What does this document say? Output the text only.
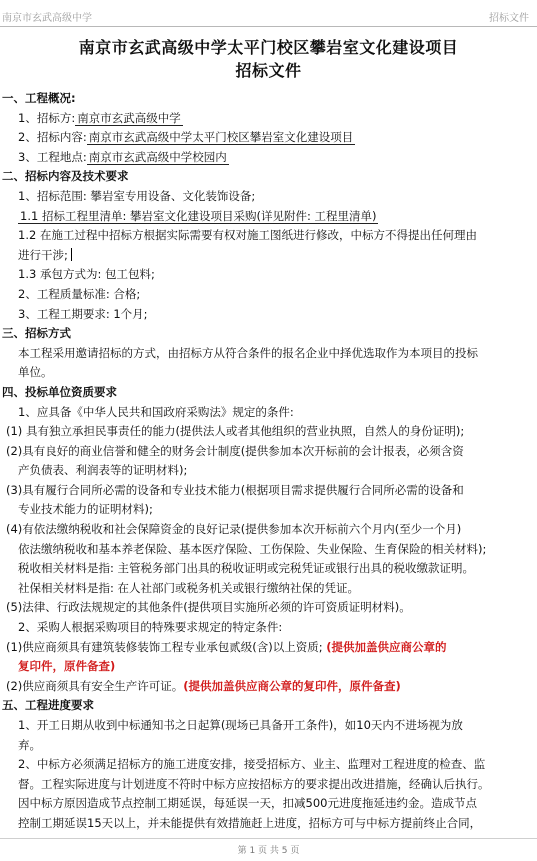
南京市玄武高级中学	招标文件
南京市玄武高级中学太平门校区攀岩室文化建设项目
招标文件
一、工程概况:
1、招标方: 南京市玄武高级中学
2、招标内容: 南京市玄武高级中学太平门校区攀岩室文化建设项目
3、工程地点: 南京市玄武高级中学校园内
二、招标内容及技术要求
1、招标范围: 攀岩室专用设备、文化装饰设备;
1.1 招标工程里清单: 攀岩室文化建设项目采购(详见附件: 工程里清单)
1.2 在施工过程中招标方根据实际需要有权对施工图纸进行修改，中标方不得提出任何理由
进行干涉;
1.3 承包方式为: 包工包料;
2、工程质量标准: 合格;
3、工程工期要求: 1个月;
三、招标方式
本工程采用邀请招标的方式，由招标方从符合条件的报名企业中择优选取作为本项目的投标
单位。
四、投标单位资质要求
1、应具备《中华人民共和国政府采购法》规定的条件:
(1) 具有独立承担民事责任的能力(提供法人或者其他组织的营业执照，自然人的身份证明);
(2)具有良好的商业信誉和健全的财务会计制度(提供参加本次开标前的会计报表，必须含资
产负债表、利润表等的证明材料);
(3)具有履行合同所必需的设备和专业技术能力(根据项目需求提供履行合同所必需的设备和
专业技术能力的证明材料);
(4)有依法缴纳税收和社会保障资金的良好记录(提供参加本次开标前六个月内(至少一个月)
依法缴纳税收和基本养老保险、基本医疗保险、工伤保险、失业保险、生育保险的相关材料);
税收相关材料是指: 主管税务部门出具的税收证明或完税凭证或银行出具的税收缴款证明。
社保相关材料是指: 在人社部门或税务机关或银行缴纳社保的凭证。
(5)法律、行政法规规定的其他条件(提供项目实施所必须的许可资质证明材料)。
2、采购人根据采购项目的特殊要求规定的特定条件:
(1)供应商须具有建筑装修装饰工程专业承包贰级(含)以上资质; (提供加盖供应商公章的
复印件，原件备查)
(2)供应商须具有安全生产许可证。(提供加盖供应商公章的复印件，原件备查)
五、工程进度要求
1、开工日期从收到中标通知书之日起算(现场已具备开工条件)，如10天内不进场视为放
弃。
2、中标方必须满足招标方的施工进度安排，接受招标方、业主、监理对工程进度的检查、监
督。工程实际进度与计划进度不符时中标方应按招标方的要求提出改进措施，经确认后执行。
因中标方原因造成节点控制工期延误，每延误一天，扣减500元进度拖延违约金。造成节点
控制工期延误15天以上，并未能提供有效措施赶上进度，招标方可与中标方提前终止合同，
第 1 页 共 5 页
